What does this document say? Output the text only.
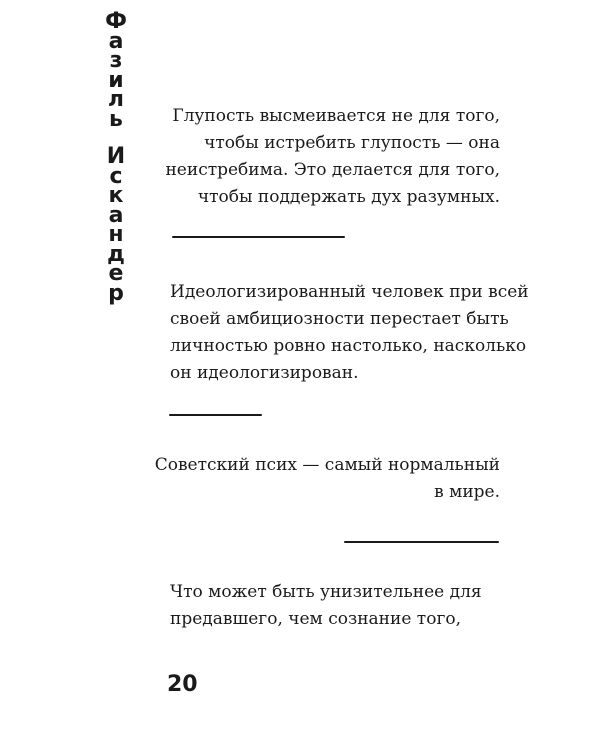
Ф
а
з
и
л
ь
И
с
к
а
н
д
е
р

Глупость высмеивается не для того,

чтобы истребить глупость — она

неистребима. Это делается для того,

чтобы поддержать дух разумных.

Идеологизированный человек при всей

своей амбициозности перестает быть

личностью ровно настолько, насколько

он идеологизирован.

Советский псих — самый нормальный

в мире.

Что может быть унизительнее для

предавшего, чем сознание того,

20
